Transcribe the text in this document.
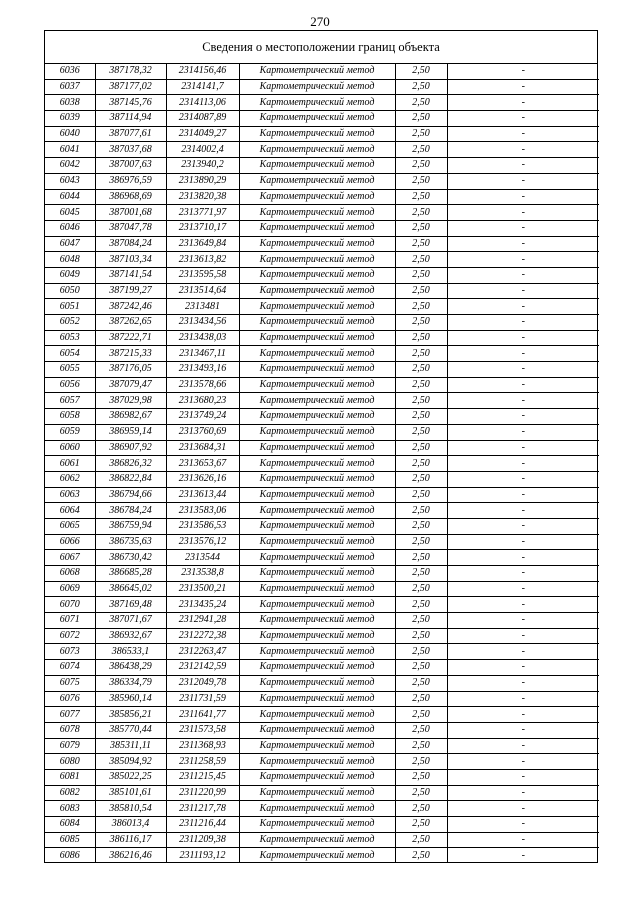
270
Сведения о местоположении границ объекта
6036	387178,32	2314156,46	Картометрический метод	2,50	-
6037	387177,02	2314141,7	Картометрический метод	2,50	-
6038	387145,76	2314113,06	Картометрический метод	2,50	-
6039	387114,94	2314087,89	Картометрический метод	2,50	-
6040	387077,61	2314049,27	Картометрический метод	2,50	-
6041	387037,68	2314002,4	Картометрический метод	2,50	-
6042	387007,63	2313940,2	Картометрический метод	2,50	-
6043	386976,59	2313890,29	Картометрический метод	2,50	-
6044	386968,69	2313820,38	Картометрический метод	2,50	-
6045	387001,68	2313771,97	Картометрический метод	2,50	-
6046	387047,78	2313710,17	Картометрический метод	2,50	-
6047	387084,24	2313649,84	Картометрический метод	2,50	-
6048	387103,34	2313613,82	Картометрический метод	2,50	-
6049	387141,54	2313595,58	Картометрический метод	2,50	-
6050	387199,27	2313514,64	Картометрический метод	2,50	-
6051	387242,46	2313481	Картометрический метод	2,50	-
6052	387262,65	2313434,56	Картометрический метод	2,50	-
6053	387222,71	2313438,03	Картометрический метод	2,50	-
6054	387215,33	2313467,11	Картометрический метод	2,50	-
6055	387176,05	2313493,16	Картометрический метод	2,50	-
6056	387079,47	2313578,66	Картометрический метод	2,50	-
6057	387029,98	2313680,23	Картометрический метод	2,50	-
6058	386982,67	2313749,24	Картометрический метод	2,50	-
6059	386959,14	2313760,69	Картометрический метод	2,50	-
6060	386907,92	2313684,31	Картометрический метод	2,50	-
6061	386826,32	2313653,67	Картометрический метод	2,50	-
6062	386822,84	2313626,16	Картометрический метод	2,50	-
6063	386794,66	2313613,44	Картометрический метод	2,50	-
6064	386784,24	2313583,06	Картометрический метод	2,50	-
6065	386759,94	2313586,53	Картометрический метод	2,50	-
6066	386735,63	2313576,12	Картометрический метод	2,50	-
6067	386730,42	2313544	Картометрический метод	2,50	-
6068	386685,28	2313538,8	Картометрический метод	2,50	-
6069	386645,02	2313500,21	Картометрический метод	2,50	-
6070	387169,48	2313435,24	Картометрический метод	2,50	-
6071	387071,67	2312941,28	Картометрический метод	2,50	-
6072	386932,67	2312272,38	Картометрический метод	2,50	-
6073	386533,1	2312263,47	Картометрический метод	2,50	-
6074	386438,29	2312142,59	Картометрический метод	2,50	-
6075	386334,79	2312049,78	Картометрический метод	2,50	-
6076	385960,14	2311731,59	Картометрический метод	2,50	-
6077	385856,21	2311641,77	Картометрический метод	2,50	-
6078	385770,44	2311573,58	Картометрический метод	2,50	-
6079	385311,11	2311368,93	Картометрический метод	2,50	-
6080	385094,92	2311258,59	Картометрический метод	2,50	-
6081	385022,25	2311215,45	Картометрический метод	2,50	-
6082	385101,61	2311220,99	Картометрический метод	2,50	-
6083	385810,54	2311217,78	Картометрический метод	2,50	-
6084	386013,4	2311216,44	Картометрический метод	2,50	-
6085	386116,17	2311209,38	Картометрический метод	2,50	-
6086	386216,46	2311193,12	Картометрический метод	2,50	-
